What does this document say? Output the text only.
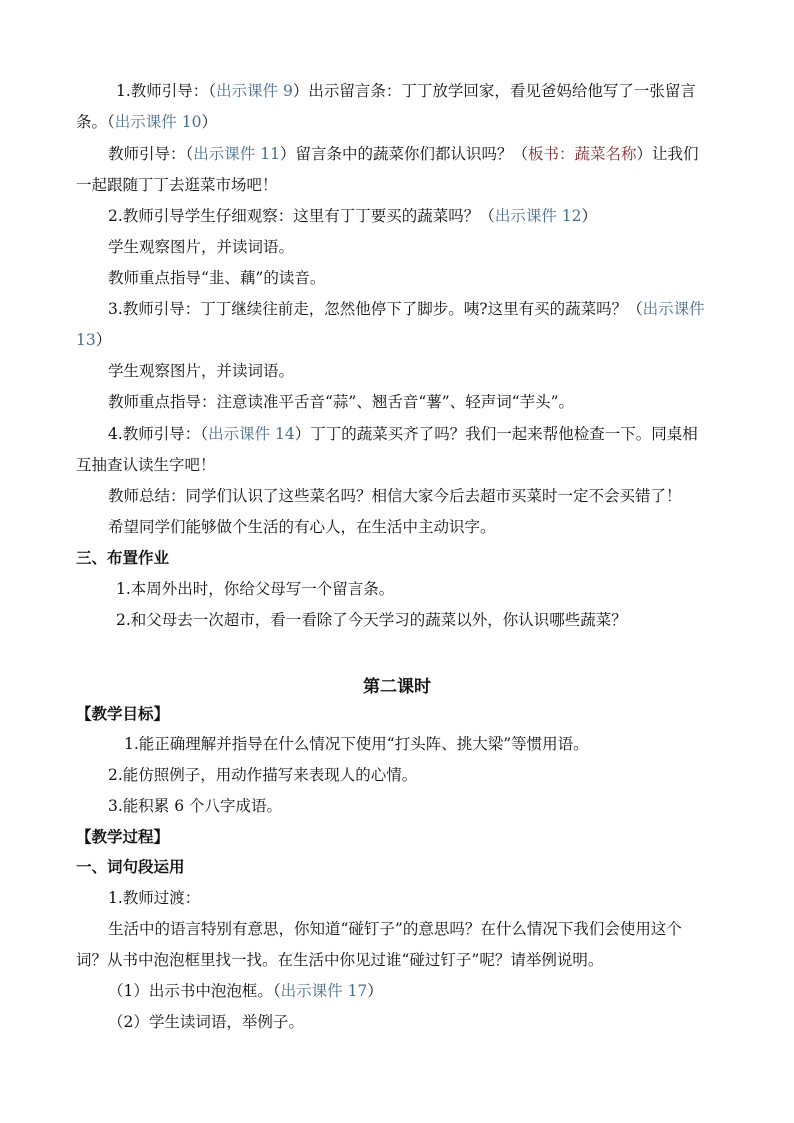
1.教师引导：（出示课件 9）出示留言条：丁丁放学回家，看见爸妈给他写了一张留言
条。（出示课件 10）
教师引导：（出示课件 11）留言条中的蔬菜你们都认识吗？（板书：蔬菜名称）让我们
一起跟随丁丁去逛菜市场吧！
2.教师引导学生仔细观察：这里有丁丁要买的蔬菜吗？（出示课件 12）
学生观察图片，并读词语。
教师重点指导“韭、藕”的读音。
3.教师引导：丁丁继续往前走，忽然他停下了脚步。咦?这里有买的蔬菜吗？（出示课件
13）
学生观察图片，并读词语。
教师重点指导：注意读准平舌音“蒜”、翘舌音“薯”、轻声词“芋头”。
4.教师引导：（出示课件 14）丁丁的蔬菜买齐了吗？我们一起来帮他检查一下。同桌相
互抽查认读生字吧！
教师总结：同学们认识了这些菜名吗？相信大家今后去超市买菜时一定不会买错了！
希望同学们能够做个生活的有心人，在生活中主动识字。
三、布置作业
1.本周外出时，你给父母写一个留言条。
2.和父母去一次超市，看一看除了今天学习的蔬菜以外，你认识哪些蔬菜？
第二课时
【教学目标】
1.能正确理解并指导在什么情况下使用“打头阵、挑大梁”等惯用语。
2.能仿照例子，用动作描写来表现人的心情。
3.能积累 6 个八字成语。
【教学过程】
一、词句段运用
1.教师过渡：
生活中的语言特别有意思，你知道“碰钉子”的意思吗？在什么情况下我们会使用这个
词？从书中泡泡框里找一找。在生活中你见过谁“碰过钉子”呢？请举例说明。
（1）出示书中泡泡框。（出示课件 17）
（2）学生读词语，举例子。
